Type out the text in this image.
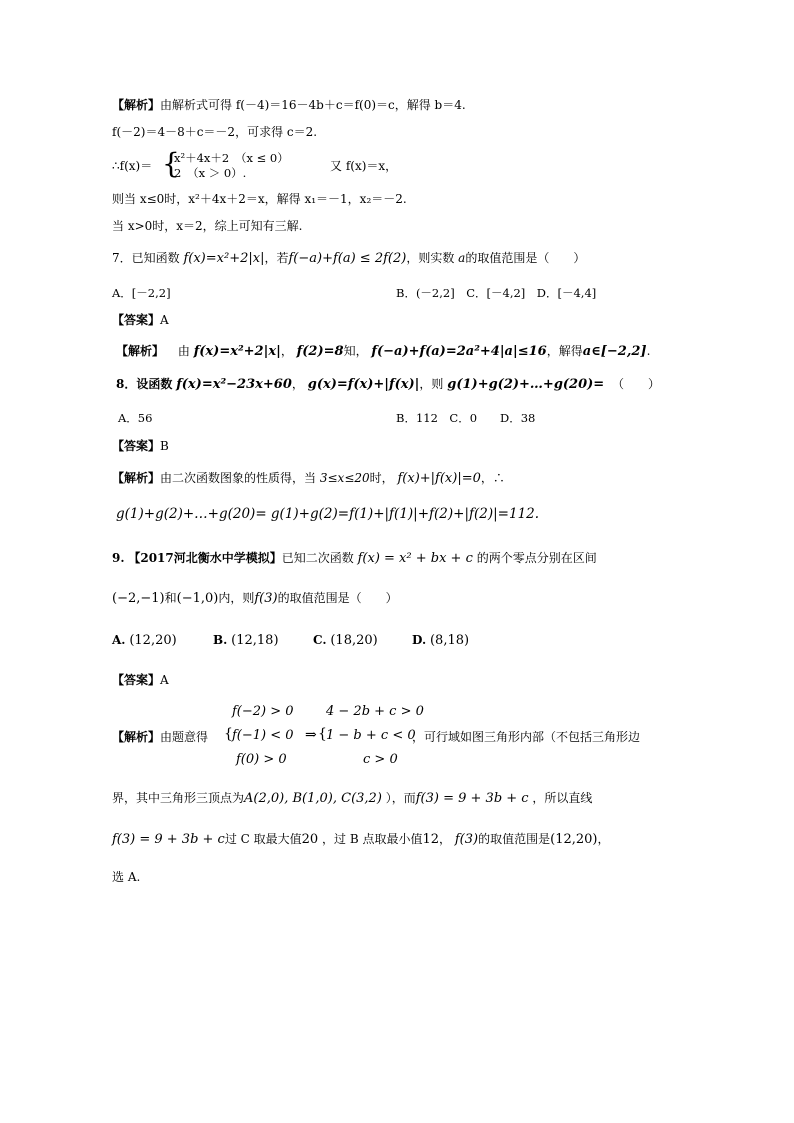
【解析】由解析式可得 f(－4)＝16－4b＋c＝f(0)＝c，解得 b＝4.
f(－2)＝4－8＋c＝－2，可求得 c＝2.
∴f(x)＝ {
x²＋4x＋2　（x ≤ 0）
2　（x ＞ 0）.	又 f(x)＝x，
则当 x≤0时，x²＋4x＋2＝x，解得 x₁＝－1，x₂＝－2.
当 x>0时，x＝2，综上可知有三解.
7．已知函数 f(x)=x²+2|x|，若f(−a)+f(a) ≤ 2f(2)，则实数 a的取值范围是（　　）
A．[－2,2]	B．(－2,2]　C．[－4,2]　D．[－4,4]
【答案】A
【解析】 由 f(x)=x²+2|x|， f(2)=8知， f(−a)+f(a)=2a²+4|a|≤16，解得a∈[−2,2].
8．设函数 f(x)=x²−23x+60， g(x)=f(x)+|f(x)|，则 g(1)+g(2)+…+g(20)= （　　）
A．56	B．112　C．0　　D．38
【答案】B
【解析】由二次函数图象的性质得，当 3≤x≤20时， f(x)+|f(x)|=0，∴
g(1)+g(2)+…+g(20)= g(1)+g(2)=f(1)+|f(1)|+f(2)+|f(2)|=112.
9. 【2017河北衡水中学模拟】已知二次函数 f(x) = x² + bx + c 的两个零点分别在区间
(−2,−1)和(−1,0)内，则f(3)的取值范围是（　　）
A. (12,20)	B. (12,18)	C. (18,20)	D. (8,18)
【答案】A
f(−2) > 0
f(−1) < 0
f(0) > 0
{	⇒ {
4 − 2b + c > 0
1 − b + c < 0
c > 0
【解析】由题意得	，可行域如图三角形内部（不包括三角形边
界，其中三角形三顶点为A(2,0), B(1,0), C(3,2) ），而f(3) = 9 + 3b + c ，所以直线
f(3) = 9 + 3b + c过 C 取最大值20 ，过 B 点取最小值12， f(3)的取值范围是(12,20)，
选 A.
